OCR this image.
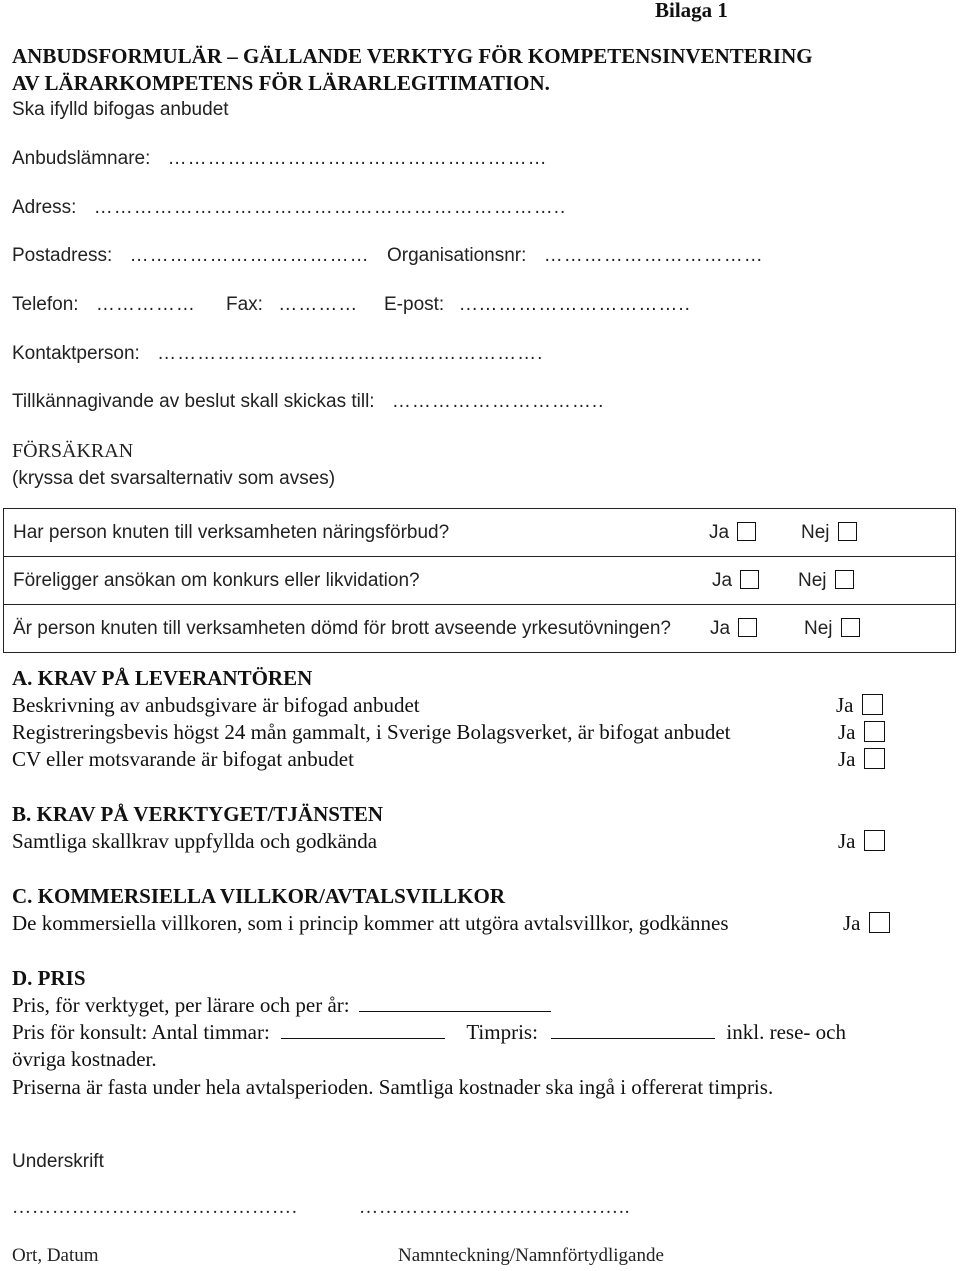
Bilaga 1
ANBUDSFORMULÄR – GÄLLANDE VERKTYG FÖR KOMPETENSINVENTERING
AV LÄRARKOMPETENS FÖR LÄRARLEGITIMATION.
Ska ifylld bifogas anbudet
Anbudslämnare: …………………………………………………
Adress: ……………………………………………………………..
Postadress: ……………………………… Organisationsnr: ……………………………
Telefon: …………… Fax: ………… E-post: ...…………………………..
Kontaktperson: ………………………………………………….
Tillkännagivande av beslut skall skickas till: …………………………..
FÖRSÄKRAN
(kryssa det svarsalternativ som avses)
Har person knuten till verksamheten näringsförbud?	Ja	Nej

Föreligger ansökan om konkurs eller likvidation?	Ja	Nej

Är person knuten till verksamheten dömd för brott avseende yrkesutövningen? Ja	Nej
A. KRAV PÅ LEVERANTÖREN
Beskrivning av anbudsgivare är bifogad anbudet	Ja
Registreringsbevis högst 24 mån gammalt, i Sverige Bolagsverket, är bifogat anbudet	Ja
CV eller motsvarande är bifogat anbudet	Ja
B. KRAV PÅ VERKTYGET/TJÄNSTEN
Samtliga skallkrav uppfyllda och godkända	Ja
C. KOMMERSIELLA VILLKOR/AVTALSVILLKOR
De kommersiella villkoren, som i princip kommer att utgöra avtalsvillkor, godkännes	Ja
D. PRIS
Pris, för verktyget, per lärare och per år:
Pris för konsult: Antal timmar:	Timpris:	inkl. rese- och
övriga kostnader.
Priserna är fasta under hela avtalsperioden. Samtliga kostnader ska ingå i offererat timpris.
Underskrift
…………………………………….	…………………………………..
Ort, Datum	Namnteckning/Namnförtydligande
